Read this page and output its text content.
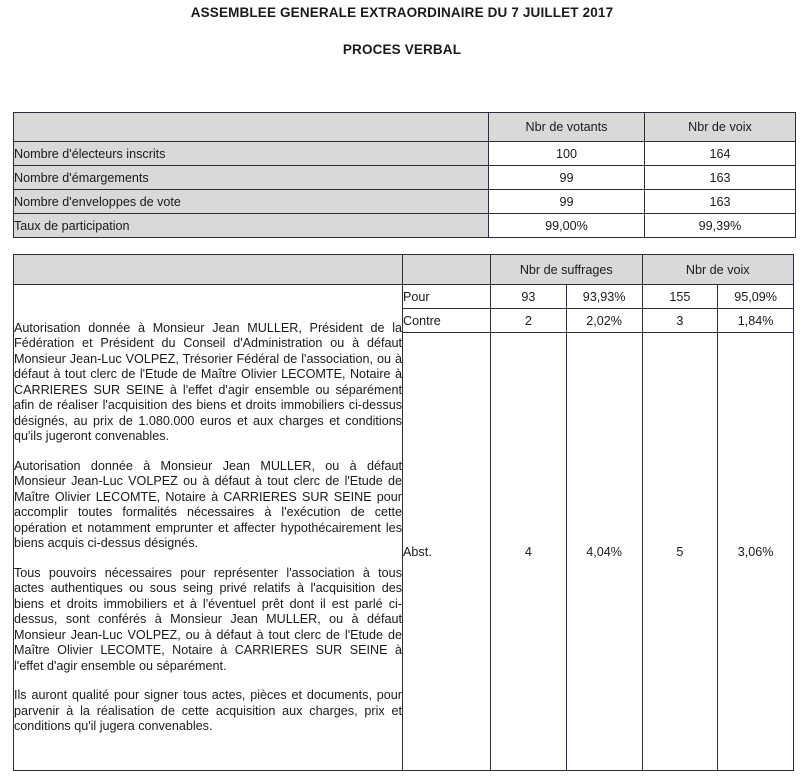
ASSEMBLEE GENERALE EXTRAORDINAIRE DU 7 JUILLET 2017
PROCES VERBAL
	Nbr de votants	Nbr de voix
Nombre d'électeurs inscrits	100	164
Nombre d'émargements	99	163
Nombre d'enveloppes de vote	99	163
Taux de participation	99,00%	99,39%
		Nbr de suffrages		Nbr de voix	

Autorisation donnée à Monsieur Jean MULLER, Président de la Fédération et Président du Conseil d'Administration ou à défaut Monsieur Jean-Luc VOLPEZ, Trésorier Fédéral de l'association, ou à défaut à tout clerc de l'Etude de Maître Olivier LECOMTE, Notaire à CARRIERES SUR SEINE à l'effet d'agir ensemble ou séparément afin de réaliser l'acquisition des biens et droits immobiliers ci-dessus désignés, au prix de 1.080.000 euros et aux charges et conditions qu'ils jugeront convenables.

Autorisation donnée à Monsieur Jean MULLER, ou à défaut Monsieur Jean-Luc VOLPEZ ou à défaut à tout clerc de l'Etude de Maître Olivier LECOMTE, Notaire à CARRIERES SUR SEINE pour accomplir toutes formalités nécessaires à l'exécution de cette opération et notamment emprunter et affecter hypothécairement les biens acquis ci-dessus désignés.

Tous pouvoirs nécessaires pour représenter l'association à tous actes authentiques ou sous seing privé relatifs à l'acquisition des biens et droits immobiliers et à l'éventuel prêt dont il est parlé ci-dessus, sont conférés à Monsieur Jean MULLER, ou à défaut Monsieur Jean-Luc VOLPEZ, ou à défaut à tout clerc de l'Etude de Maître Olivier LECOMTE, Notaire à CARRIERES SUR SEINE à l'effet d'agir ensemble ou séparément.

Ils auront qualité pour signer tous actes, pièces et documents, pour parvenir à la réalisation de cette acquisition aux charges, prix et conditions qu'il jugera convenables.	Pour	93	93,93%	155	95,09%
	Contre	2	2,02%	3	1,84%
	Abst.	4	4,04%	5	3,06%
